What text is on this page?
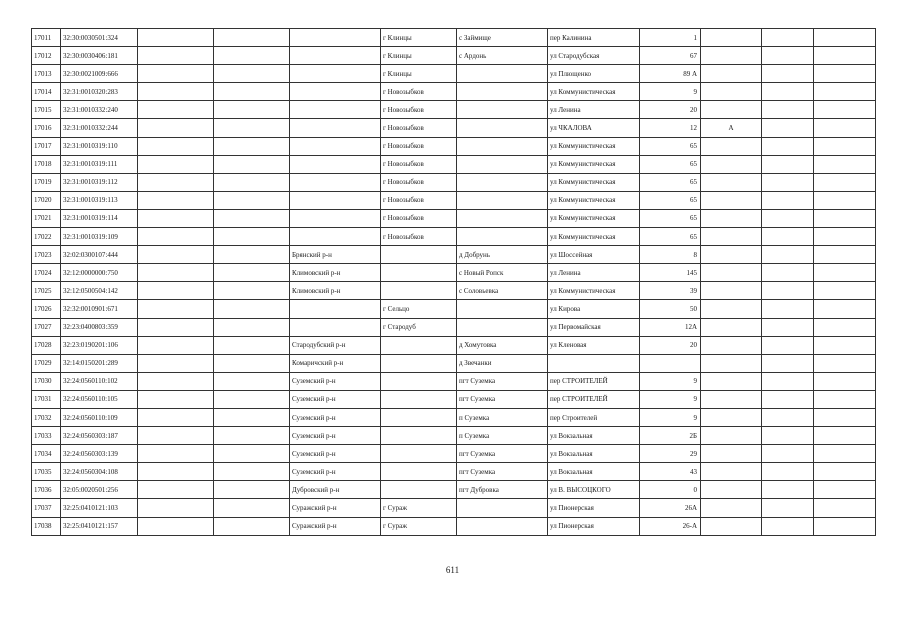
17011	32:30:0030501:324				г Клинцы	с Займище	пер Калинина	1			
17012	32:30:0030406:181				г Клинцы	с Ардонь	ул Стародубская	67			
17013	32:30:0021009:666				г Клинцы		ул Плющенко	89 А			
17014	32:31:0010320:283				г Новозыбков		ул Коммунистическая	9			
17015	32:31:0010332:240				г Новозыбков		ул Ленина	20			
17016	32:31:0010332:244				г Новозыбков		ул ЧКАЛОВА	12	А		
17017	32:31:0010319:110				г Новозыбков		ул Коммунистическая	65			
17018	32:31:0010319:111				г Новозыбков		ул Коммунистическая	65			
17019	32:31:0010319:112				г Новозыбков		ул Коммунистическая	65			
17020	32:31:0010319:113				г Новозыбков		ул Коммунистическая	65			
17021	32:31:0010319:114				г Новозыбков		ул Коммунистическая	65			
17022	32:31:0010319:109				г Новозыбков		ул Коммунистическая	65			
17023	32:02:0300107:444			Брянский р-н		д Добрунь	ул Шоссейная	8			
17024	32:12:0000000:750			Климовский р-н		с Новый Ропск	ул Ленина	145			
17025	32:12:0500504:142			Климовский р-н		с Соловьевка	ул Коммунистическая	39			
17026	32:32:0010901:671				г Сельцо		ул Кирова	50			
17027	32:23:0400803:359				г Стародуб		ул Первомайская	12А			
17028	32:23:0190201:106			Стародубский р-н		д Хомутовка	ул Кленовая	20			
17029	32:14:0150201:289			Комаричский р-н		д Звечанки					
17030	32:24:0560110:102			Суземский р-н		пгт Суземка	пер СТРОИТЕЛЕЙ	9			
17031	32:24:0560110:105			Суземский р-н		пгт Суземка	пер СТРОИТЕЛЕЙ	9			
17032	32:24:0560110:109			Суземский р-н		п Суземка	пер Строителей	9			
17033	32:24:0560303:187			Суземский р-н		п Суземка	ул Вокзальная	2Б			
17034	32:24:0560303:139			Суземский р-н		пгт Суземка	ул Вокзальная	29			
17035	32:24:0560304:108			Суземский р-н		пгт Суземка	ул Вокзальная	43			
17036	32:05:0020501:256			Дубровский р-н		пгт Дубровка	ул В. ВЫСОЦКОГО	0			
17037	32:25:0410121:103			Суражский р-н	г Сураж		ул Пионерская	26А			
17038	32:25:0410121:157			Суражский р-н	г Сураж		ул Пионерская	26-А			
611
